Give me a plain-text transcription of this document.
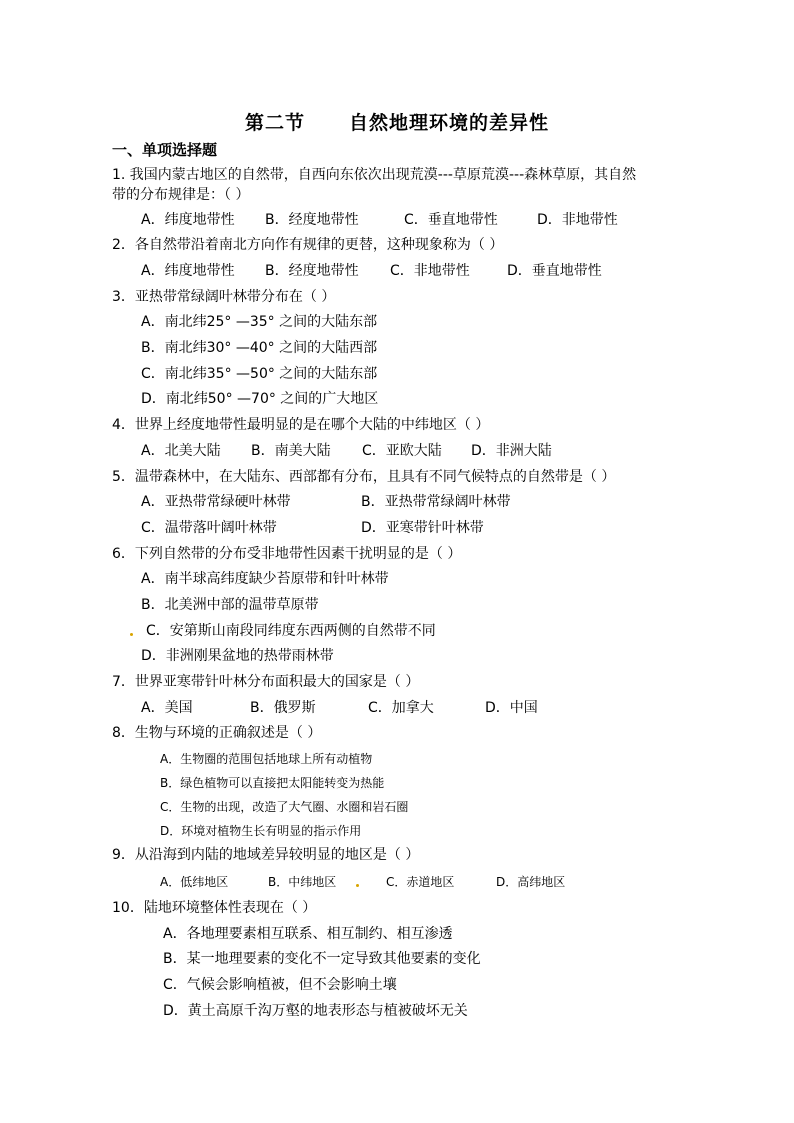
第二节 自然地理环境的差异性
一、单项选择题
1. 我国内蒙古地区的自然带，自西向东依次出现荒漠---草原荒漠---森林草原，其自然
带的分布规律是：（ ）
A．纬度地带性 B．经度地带性	C．垂直地带性	D．非地带性
2．各自然带沿着南北方向作有规律的更替，这种现象称为（ ）
A．纬度地带性 B．经度地带性 C．非地带性	D．垂直地带性
3．亚热带常绿阔叶林带分布在（ ）
A．南北纬25° —35° 之间的大陆东部
B．南北纬30° —40° 之间的大陆西部
C．南北纬35° —50° 之间的大陆东部
D．南北纬50° —70° 之间的广大地区
4．世界上经度地带性最明显的是在哪个大陆的中纬地区（ ）
A．北美大陆 B．南美大陆 C．亚欧大陆 D．非洲大陆
5．温带森林中，在大陆东、西部都有分布，且具有不同气候特点的自然带是（ ）
A．亚热带常绿硬叶林带	B．亚热带常绿阔叶林带
C．温带落叶阔叶林带	D．亚寒带针叶林带
6．下列自然带的分布受非地带性因素干扰明显的是（ ）
A．南半球高纬度缺少苔原带和针叶林带
B．北美洲中部的温带草原带
C．安第斯山南段同纬度东西两侧的自然带不同
D．非洲刚果盆地的热带雨林带
7．世界亚寒带针叶林分布面积最大的国家是（ ）
A．美国	B．俄罗斯	C．加拿大	D．中国
8．生物与环境的正确叙述是（ ）
A．生物圈的范围包括地球上所有动植物
B．绿色植物可以直接把太阳能转变为热能
C．生物的出现，改造了大气圈、水圈和岩石圈
D．环境对植物生长有明显的指示作用
9．从沿海到内陆的地域差异较明显的地区是（ ）
A．低纬地区	B．中纬地区	C．赤道地区	D．高纬地区
10．陆地环境整体性表现在（ ）
A．各地理要素相互联系、相互制约、相互渗透
B．某一地理要素的变化不一定导致其他要素的变化
C．气候会影响植被，但不会影响土壤
D．黄土高原千沟万壑的地表形态与植被破坏无关
